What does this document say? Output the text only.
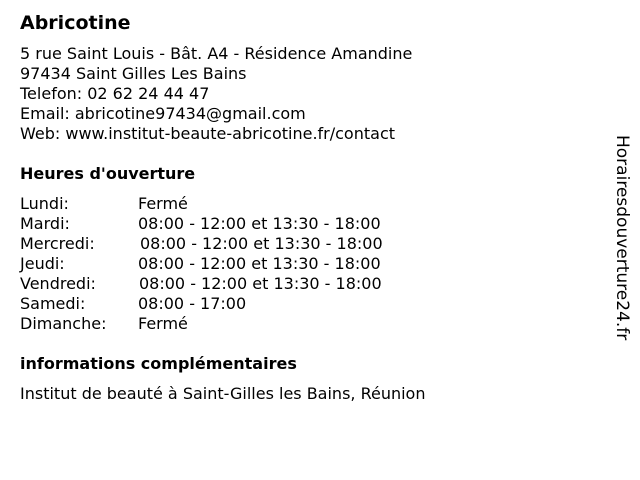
Abricotine
5 rue Saint Louis - Bât. A4 - Résidence Amandine
97434 Saint Gilles Les Bains
Telefon: 02 62 24 44 47
Email: abricotine97434@gmail.com
Web: www.institut-beaute-abricotine.fr/contact
Heures d'ouverture
Lundi:	Fermé
Mardi:	08:00 - 12:00 et 13:30 - 18:00
Mercredi:	08:00 - 12:00 et 13:30 - 18:00
Jeudi:	08:00 - 12:00 et 13:30 - 18:00
Vendredi:	08:00 - 12:00 et 13:30 - 18:00
Samedi:	08:00 - 17:00
Dimanche: Fermé
informations complémentaires
Institut de beauté à Saint-Gilles les Bains, Réunion
Horairesdouverture24.fr
